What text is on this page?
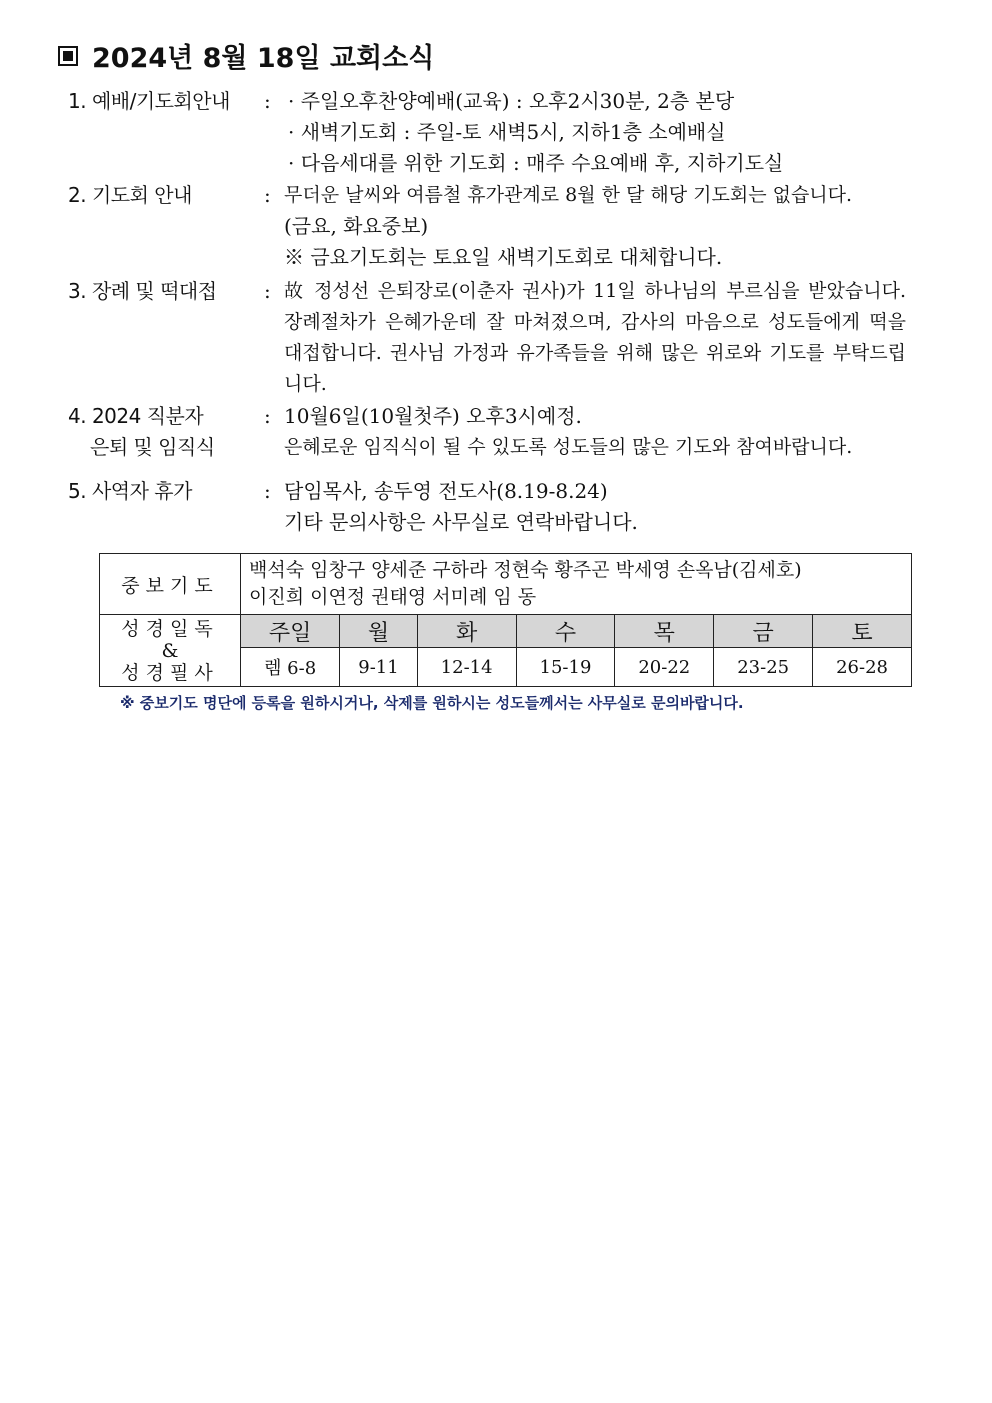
2024년 8월 18일 교회소식
1. 예배/기도회안내	: · 주일오후찬양예배(교육) : 오후2시30분, 2층 본당
· 새벽기도회 : 주일-토 새벽5시, 지하1층 소예배실
· 다음세대를 위한 기도회 : 매주 수요예배 후, 지하기도실
2. 기도회 안내	: 무더운 날씨와 여름철 휴가관계로 8월 한 달 해당 기도회는 없습니다.
(금요, 화요중보)
※ 금요기도회는 토요일 새벽기도회로 대체합니다.
3. 장례 및 떡대접	: 故 정성선 은퇴장로(이춘자 권사)가 11일 하나님의 부르심을 받았습니다. 장례절차가 은혜가운데 잘 마쳐졌으며, 감사의 마음으로 성도들에게 떡을 대접합니다. 권사님 가정과 유가족들을 위해 많은 위로와 기도를 부탁드립니다.
4. 2024 직분자
은퇴 및 임직식
: 10월6일(10월첫주) 오후3시예정.
은혜로운 임직식이 될 수 있도록 성도들의 많은 기도와 참여바랍니다.
5. 사역자 휴가	: 담임목사, 송두영 전도사(8.19-8.24)
기타 문의사항은 사무실로 연락바랍니다.
중보기도	백석숙 임창구 양세준 구하라 정현숙 황주곤 박세영 손옥남(김세호)
이진희 이연정 권태영 서미례 임 동						

성경일독
&
성경필사	주일	월	화	수	목	금	토
	렘 6-8	9-11	12-14	15-19	20-22	23-25	26-28
※ 중보기도 명단에 등록을 원하시거나, 삭제를 원하시는 성도들께서는 사무실로 문의바랍니다.
